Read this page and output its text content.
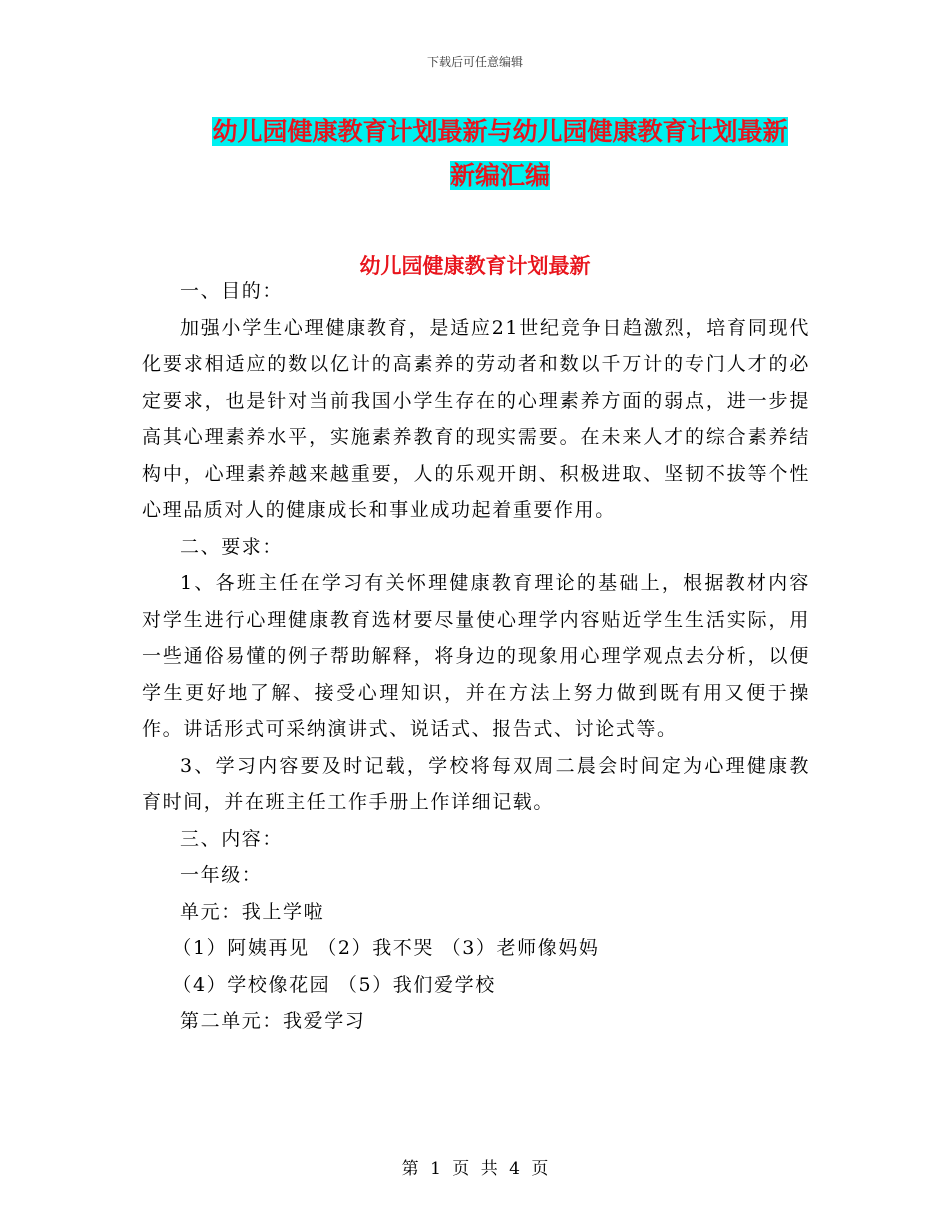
下载后可任意编辑
幼儿园健康教育计划最新与幼儿园健康教育计划最新
新编汇编
幼儿园健康教育计划最新

一、目的：

加强小学生心理健康教育，是适应21世纪竞争日趋激烈，培育同现代化要求相适应的数以亿计的高素养的劳动者和数以千万计的专门人才的必定要求，也是针对当前我国小学生存在的心理素养方面的弱点，进一步提高其心理素养水平，实施素养教育的现实需要。在未来人才的综合素养结构中，心理素养越来越重要，人的乐观开朗、积极进取、坚韧不拔等个性心理品质对人的健康成长和事业成功起着重要作用。

二、要求：

1、各班主任在学习有关怀理健康教育理论的基础上，根据教材内容对学生进行心理健康教育选材要尽量使心理学内容贴近学生生活实际，用一些通俗易懂的例子帮助解释，将身边的现象用心理学观点去分析，以便学生更好地了解、接受心理知识，并在方法上努力做到既有用又便于操作。讲话形式可采纳演讲式、说话式、报告式、讨论式等。

3、学习内容要及时记载，学校将每双周二晨会时间定为心理健康教育时间，并在班主任工作手册上作详细记载。

三、内容：

一年级：

单元：我上学啦

（1）阿姨再见 （2）我不哭 （3）老师像妈妈

（4）学校像花园 （5）我们爱学校

第二单元：我爱学习

第 1 页 共 4 页
